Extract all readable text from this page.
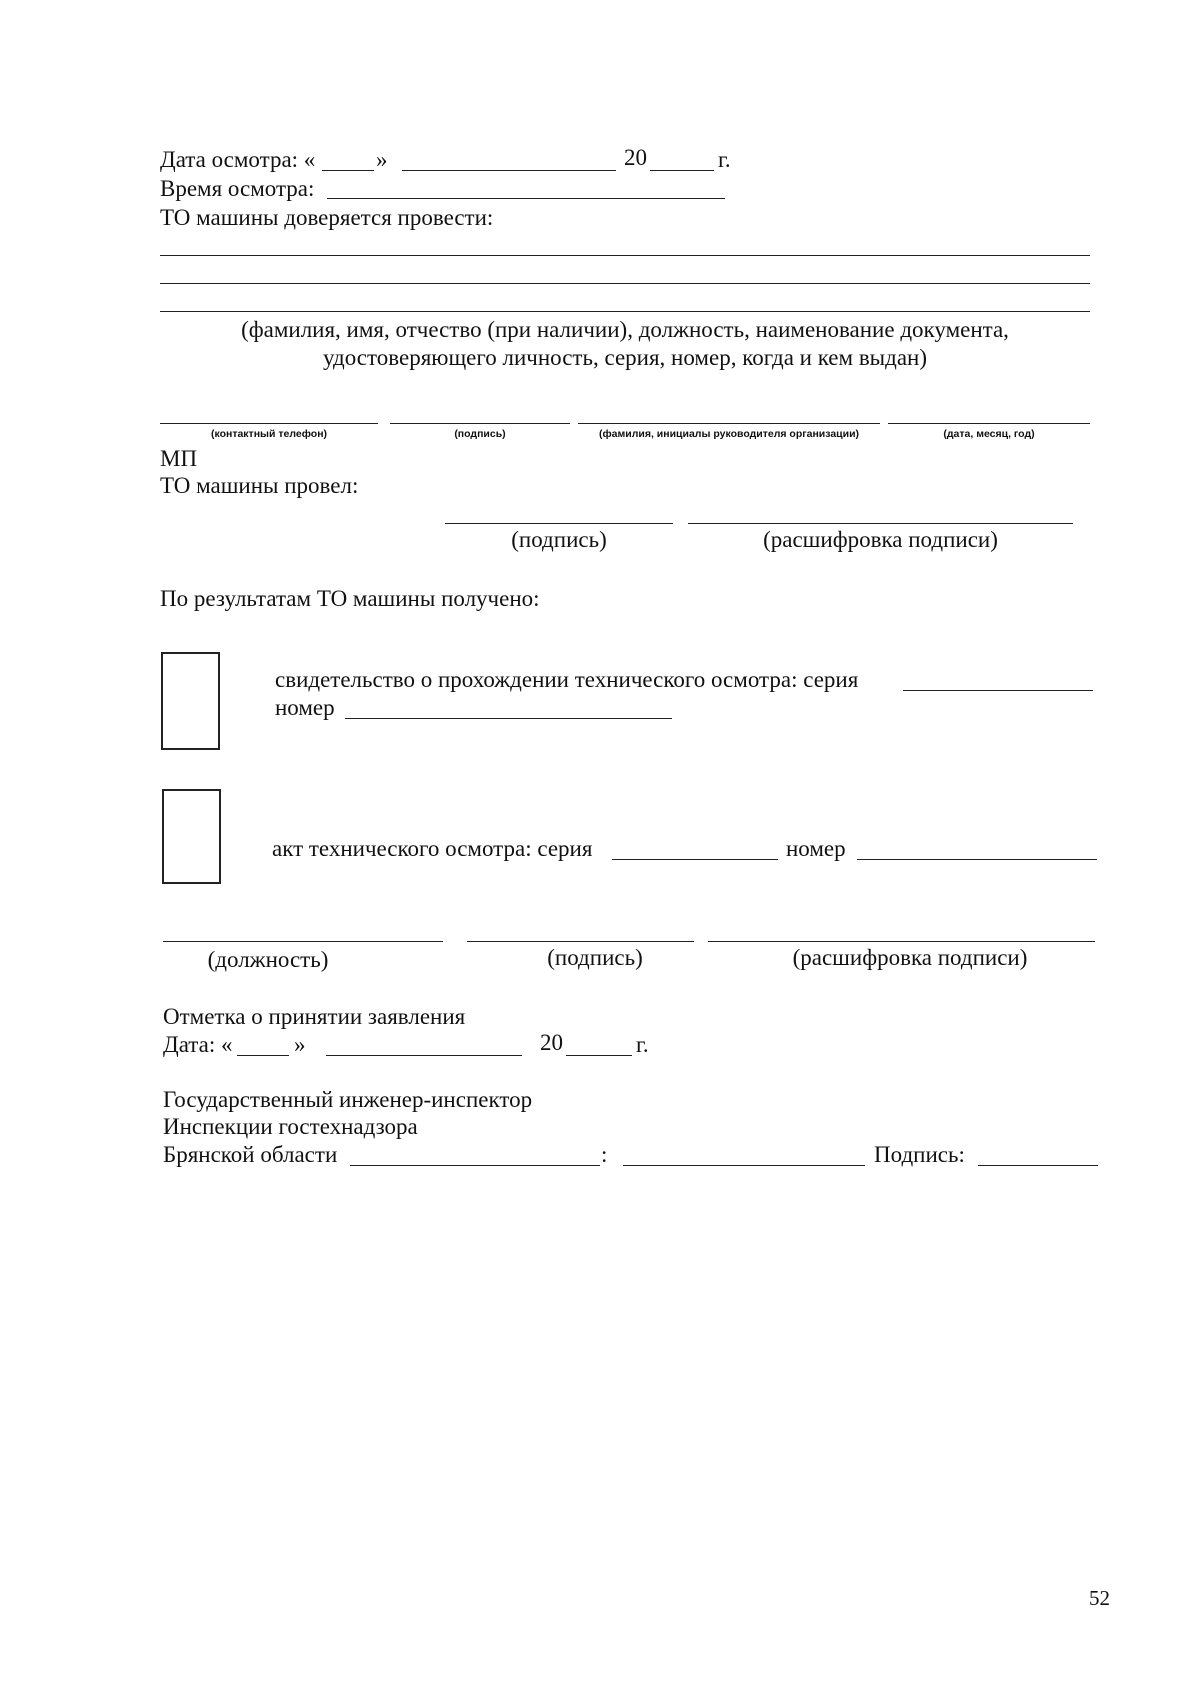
Дата осмотра: «	»	20	г.
Время осмотра:
ТО машины доверяется провести:
(фамилия, имя, отчество (при наличии), должность, наименование документа,
удостоверяющего личность, серия, номер, когда и кем выдан)
(контактный телефон)	(подпись)	(фамилия, инициалы руководителя организации)	(дата, месяц, год)
МП
ТО машины провел:
(подпись)	(расшифровка подписи)
По результатам ТО машины получено:
свидетельство о прохождении технического осмотра: серия
номер
акт технического осмотра: серия	номер
(должность)	(подпись)	(расшифровка подписи)
Отметка о принятии заявления
Дата: «	»	20	г.
Государственный инженер-инспектор
Инспекции гостехнадзора
Брянской области	:	Подпись:
52
